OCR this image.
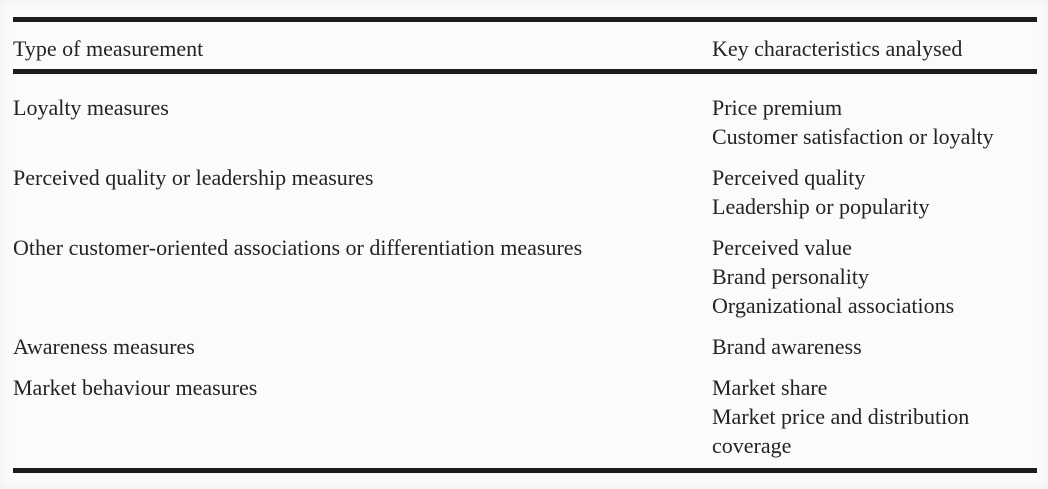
Type of measurement	Key characteristics analysed
Loyalty measures	Price premium
Customer satisfaction or loyalty
Perceived quality or leadership measures	Perceived quality
Leadership or popularity
Other customer-oriented associations or differentiation measures	Perceived value
Brand personality
Organizational associations
Awareness measures	Brand awareness
Market behaviour measures	Market share
Market price and distribution coverage
